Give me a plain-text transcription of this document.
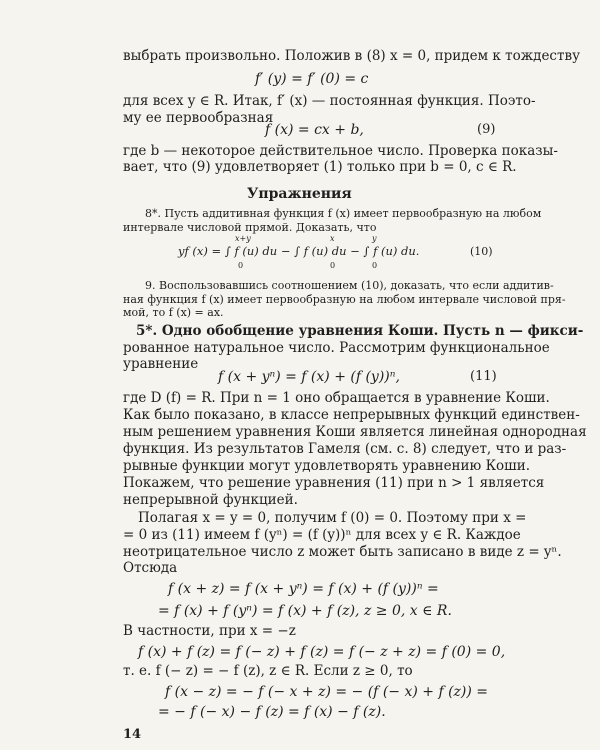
выбрать произвольно. Положив в (8) x = 0, придем к тождеству
f′ (y) = f′ (0) = c
для всех y ∈ R. Итак, f′ (x) — постоянная функция. Поэто-
му ее первообразная
f (x) = cx + b,	(9)
где b — некоторое действительное число. Проверка показы-
вает, что (9) удовлетворяет (1) только при b = 0, c ∈ R.
Упражнения
8*. Пусть аддитивная функция f (x) имеет первообразную на любом
интервале числовой прямой. Доказать, что
x+y	x	y
yf (x) = ∫ f (u) du − ∫ f (u) du − ∫ f (u) du.	(10)
0	0	0
9. Воспользовавшись соотношением (10), доказать, что если аддитив-
ная функция f (x) имеет первообразную на любом интервале числовой пря-
мой, то f (x) = ax.
5*. Одно обобщение уравнения Коши. Пусть n — фикси-
рованное натуральное число. Рассмотрим функциональное
уравнение
f (x + yⁿ) = f (x) + (f (y))ⁿ,	(11)
где D (f) = R. При n = 1 оно обращается в уравнение Коши.
Как было показано, в классе непрерывных функций единствен-
ным решением уравнения Коши является линейная однородная
функция. Из результатов Гамеля (см. с. 8) следует, что и раз-
рывные функции могут удовлетворять уравнению Коши.
Покажем, что решение уравнения (11) при n > 1 является
непрерывной функцией.
Полагая x = y = 0, получим f (0) = 0. Поэтому при x =
= 0 из (11) имеем f (yⁿ) = (f (y))ⁿ для всех y ∈ R. Каждое
неотрицательное число z может быть записано в виде z = yⁿ.
Отсюда
f (x + z) = f (x + yⁿ) = f (x) + (f (y))ⁿ =
= f (x) + f (yⁿ) = f (x) + f (z), z ≥ 0, x ∈ R.
В частности, при x = −z
f (x) + f (z) = f (− z) + f (z) = f (− z + z) = f (0) = 0,
т. е. f (− z) = − f (z), z ∈ R. Если z ≥ 0, то
f (x − z) = − f (− x + z) = − (f (− x) + f (z)) =
= − f (− x) − f (z) = f (x) − f (z).
14
